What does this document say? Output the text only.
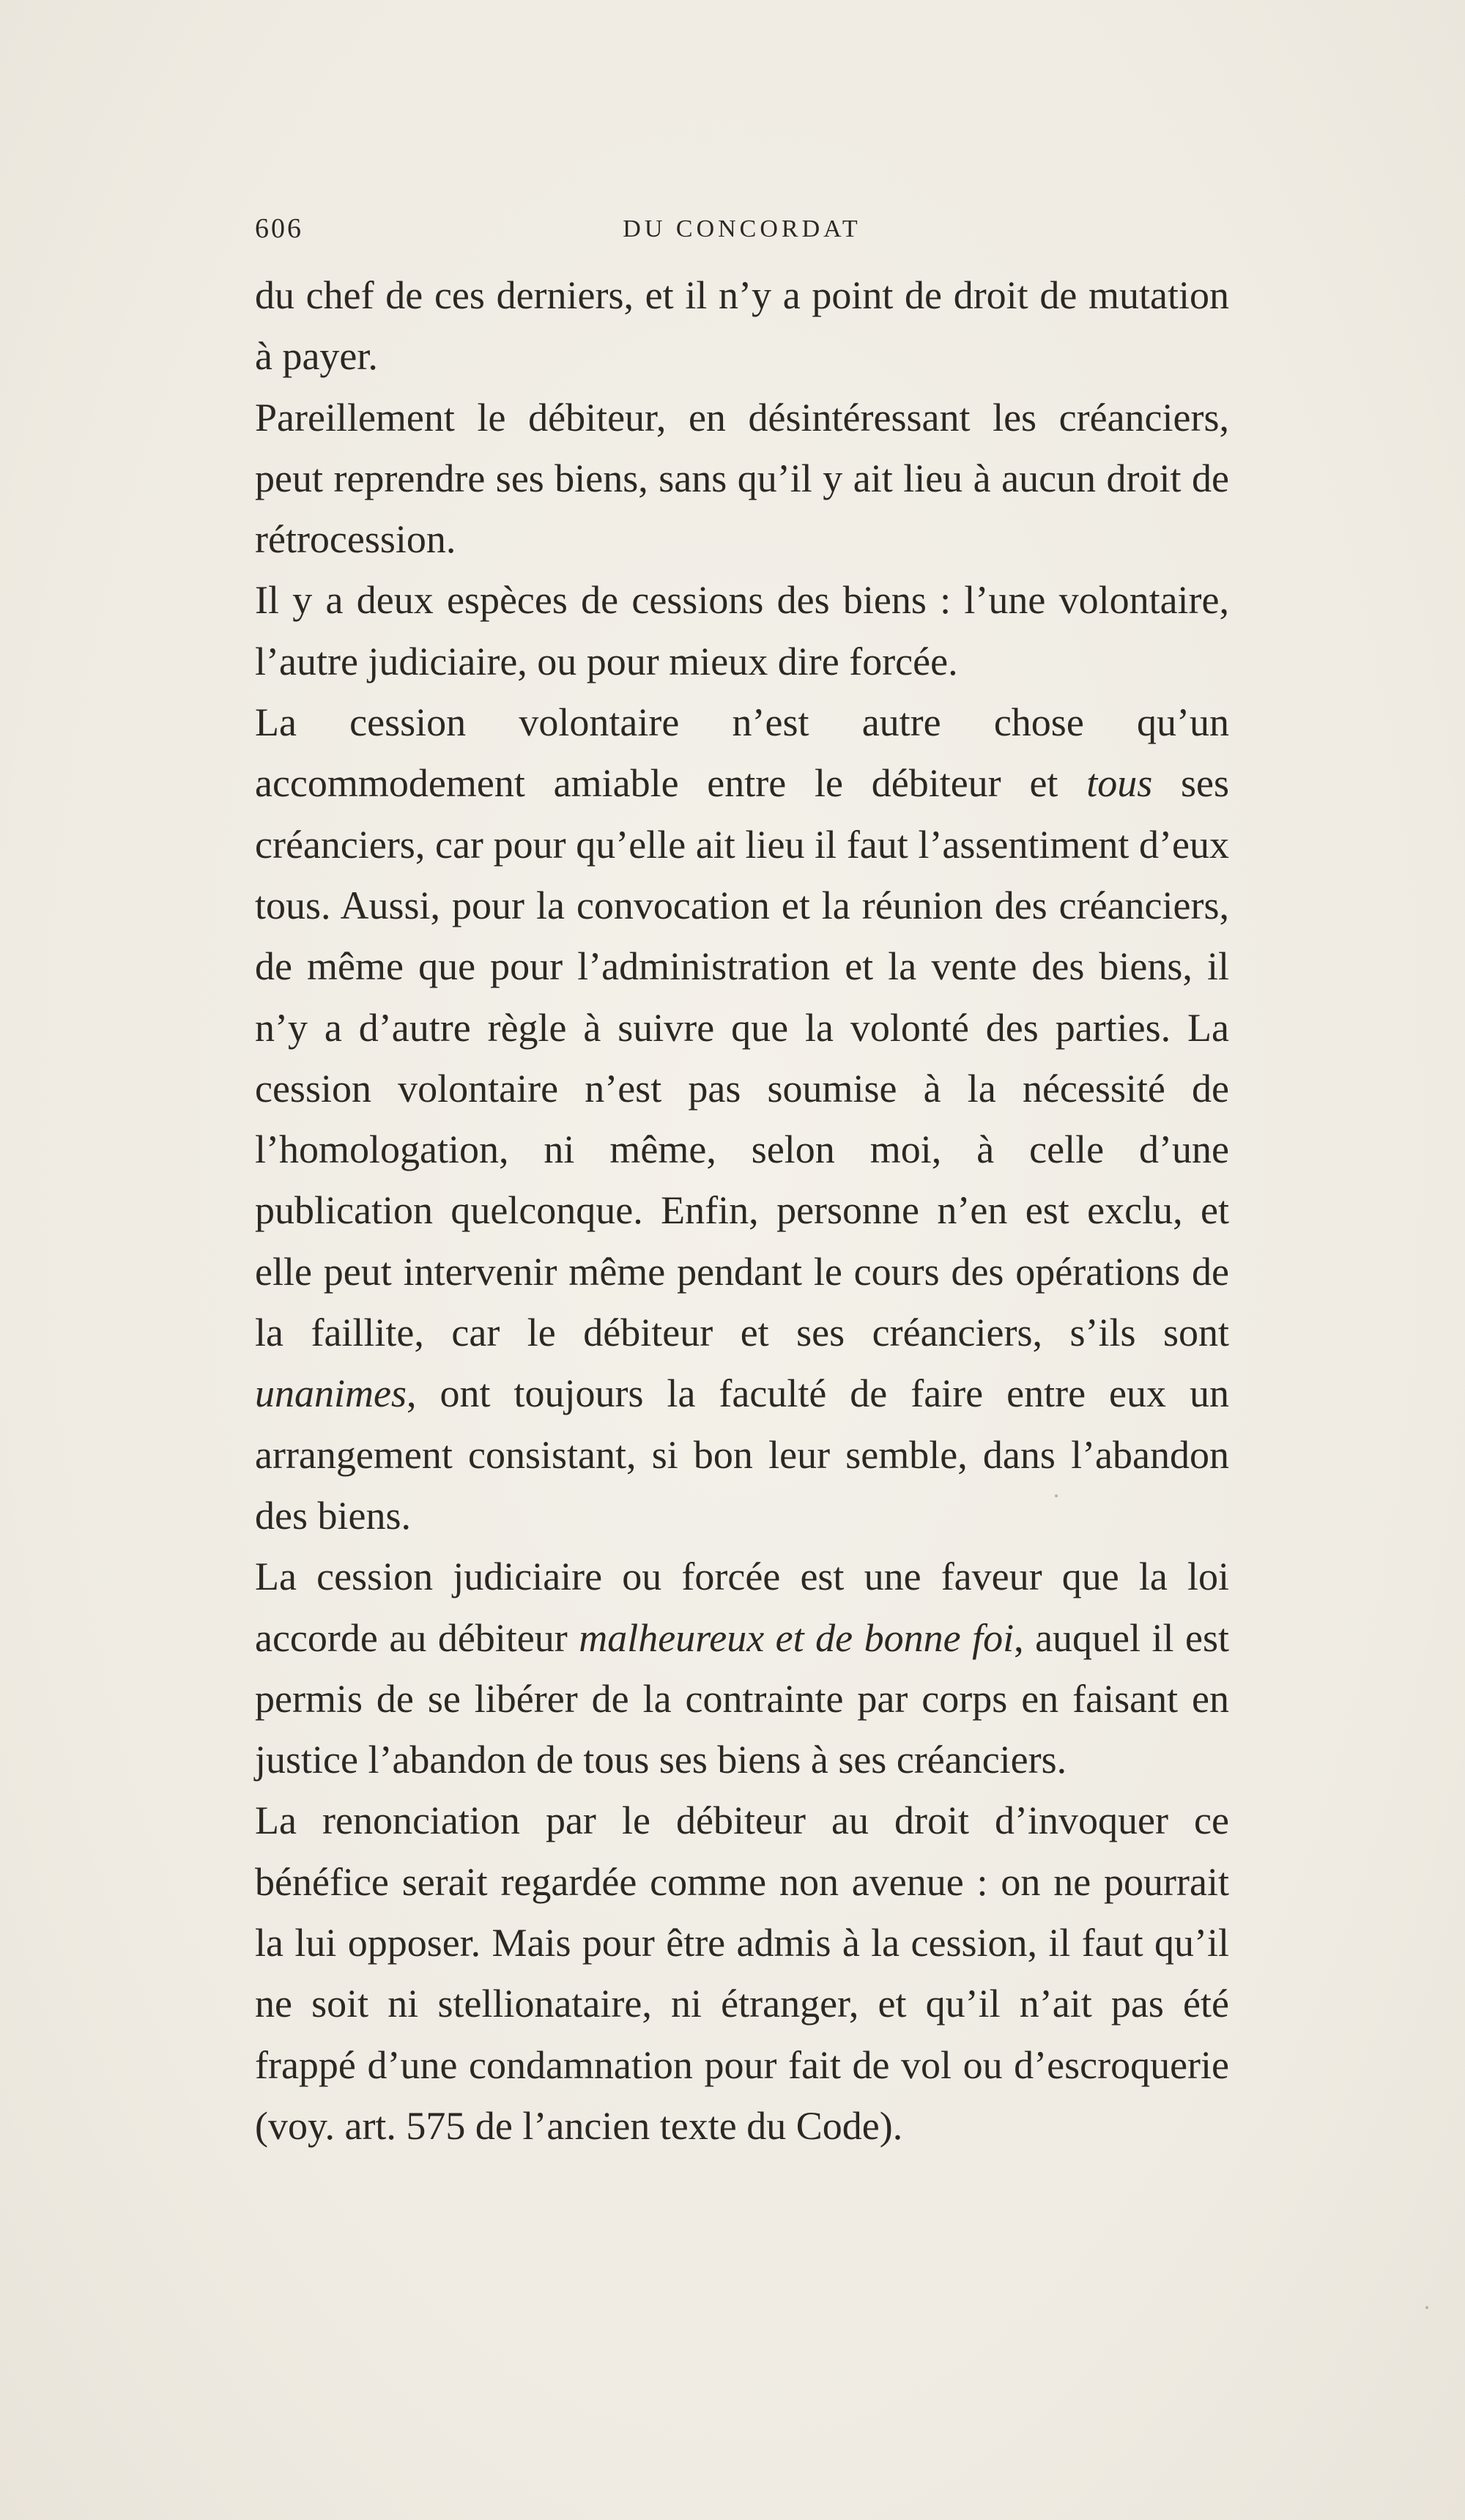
606	DU CONCORDAT

du chef de ces derniers, et il n’y a point de droit de mutation à payer.

Pareillement le débiteur, en désintéressant les créanciers, peut reprendre ses biens, sans qu’il y ait lieu à aucun droit de rétrocession.

Il y a deux espèces de cessions des biens : l’une volontaire, l’autre judiciaire, ou pour mieux dire forcée.

La cession volontaire n’est autre chose qu’un accommodement amiable entre le débiteur et tous ses créanciers, car pour qu’elle ait lieu il faut l’assentiment d’eux tous. Aussi, pour la convocation et la réunion des créanciers, de même que pour l’administration et la vente des biens, il n’y a d’autre règle à suivre que la volonté des parties. La cession volontaire n’est pas soumise à la nécessité de l’homologation, ni même, selon moi, à celle d’une publication quelconque. Enfin, personne n’en est exclu, et elle peut intervenir même pendant le cours des opérations de la faillite, car le débiteur et ses créanciers, s’ils sont unanimes, ont toujours la faculté de faire entre eux un arrangement consistant, si bon leur semble, dans l’abandon des biens.

La cession judiciaire ou forcée est une faveur que la loi accorde au débiteur malheureux et de bonne foi, auquel il est permis de se libérer de la contrainte par corps en faisant en justice l’abandon de tous ses biens à ses créanciers.

La renonciation par le débiteur au droit d’invoquer ce bénéfice serait regardée comme non avenue : on ne pourrait la lui opposer. Mais pour être admis à la cession, il faut qu’il ne soit ni stellionataire, ni étranger, et qu’il n’ait pas été frappé d’une condamnation pour fait de vol ou d’escroquerie (voy. art. 575 de l’ancien texte du Code).
